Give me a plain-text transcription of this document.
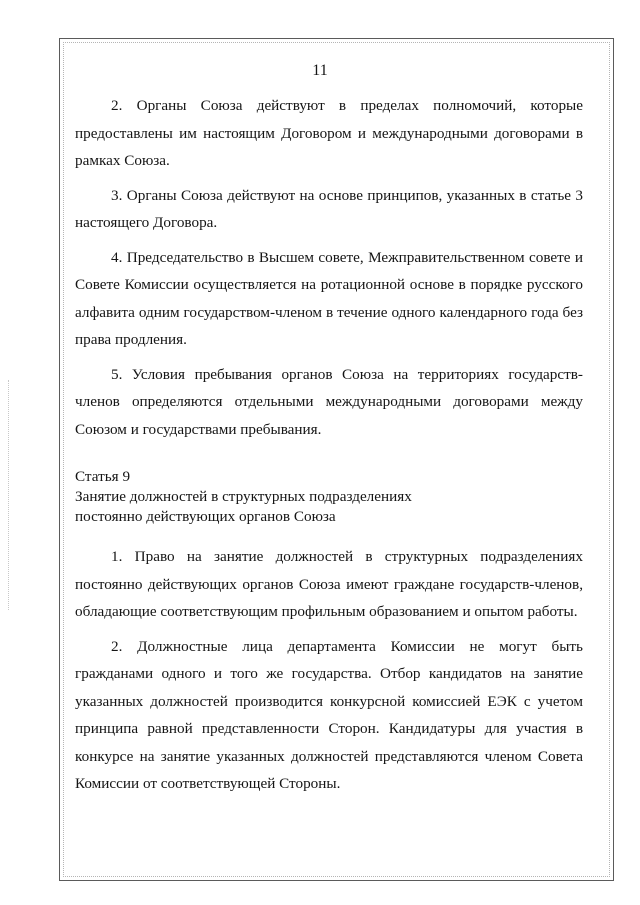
11

2. Органы Союза действуют в пределах полномочий, которые предоставлены им настоящим Договором и международными договорами в рамках Союза.

3. Органы Союза действуют на основе принципов, указанных в статье 3 настоящего Договора.

4. Председательство в Высшем совете, Межправительственном совете и Совете Комиссии осуществляется на ротационной основе в порядке русского алфавита одним государством-членом в течение одного календарного года без права продления.

5. Условия пребывания органов Союза на территориях государств-членов определяются отдельными международными договорами между Союзом и государствами пребывания.

Статья 9

Занятие должностей в структурных подразделениях

постоянно действующих органов Союза

1. Право на занятие должностей в структурных подразделениях постоянно действующих органов Союза имеют граждане государств-членов, обладающие соответствующим профильным образованием и опытом работы.

2. Должностные лица департамента Комиссии не могут быть гражданами одного и того же государства. Отбор кандидатов на занятие указанных должностей производится конкурсной комиссией ЕЭК с учетом принципа равной представленности Сторон. Кандидатуры для участия в конкурсе на занятие указанных должностей представляются членом Совета Комиссии от соответствующей Стороны.
